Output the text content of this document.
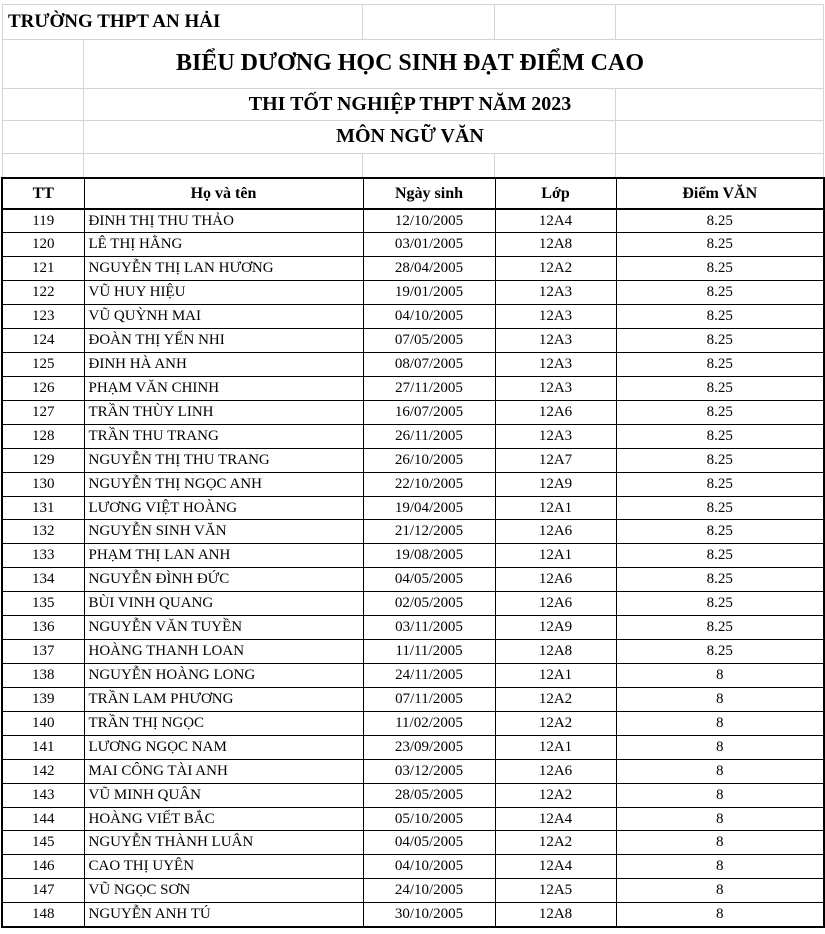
TRƯỜNG THPT AN HẢI
BIỂU DƯƠNG HỌC SINH ĐẠT ĐIỂM CAO
THI TỐT NGHIỆP THPT NĂM 2023
MÔN NGỮ VĂN
TT	Họ và tên	Ngày sinh	Lớp	Điểm VĂN
119	ĐINH THỊ THU THẢO	12/10/2005	12A4	8.25
120	LÊ THỊ HẰNG	03/01/2005	12A8	8.25
121	NGUYỄN THỊ LAN HƯƠNG	28/04/2005	12A2	8.25
122	VŨ HUY HIỆU	19/01/2005	12A3	8.25
123	VŨ QUỲNH MAI	04/10/2005	12A3	8.25
124	ĐOÀN THỊ YẾN NHI	07/05/2005	12A3	8.25
125	ĐINH HÀ ANH	08/07/2005	12A3	8.25
126	PHẠM VĂN CHINH	27/11/2005	12A3	8.25
127	TRẦN THÙY LINH	16/07/2005	12A6	8.25
128	TRẦN THU TRANG	26/11/2005	12A3	8.25
129	NGUYỄN THỊ THU TRANG	26/10/2005	12A7	8.25
130	NGUYỄN THỊ NGỌC ANH	22/10/2005	12A9	8.25
131	LƯƠNG VIỆT HOÀNG	19/04/2005	12A1	8.25
132	NGUYỄN SINH VĂN	21/12/2005	12A6	8.25
133	PHẠM THỊ LAN ANH	19/08/2005	12A1	8.25
134	NGUYỄN ĐÌNH ĐỨC	04/05/2005	12A6	8.25
135	BÙI VINH QUANG	02/05/2005	12A6	8.25
136	NGUYỄN VĂN TUYỀN	03/11/2005	12A9	8.25
137	HOÀNG THANH LOAN	11/11/2005	12A8	8.25
138	NGUYỄN HOÀNG LONG	24/11/2005	12A1	8
139	TRẦN LAM PHƯƠNG	07/11/2005	12A2	8
140	TRẦN THỊ NGỌC	11/02/2005	12A2	8
141	LƯƠNG NGỌC NAM	23/09/2005	12A1	8
142	MAI CÔNG TÀI ANH	03/12/2005	12A6	8
143	VŨ MINH QUÂN	28/05/2005	12A2	8
144	HOÀNG VIẾT BẮC	05/10/2005	12A4	8
145	NGUYỄN THÀNH LUÂN	04/05/2005	12A2	8
146	CAO THỊ UYÊN	04/10/2005	12A4	8
147	VŨ NGỌC SƠN	24/10/2005	12A5	8
148	NGUYỄN ANH TÚ	30/10/2005	12A8	8
